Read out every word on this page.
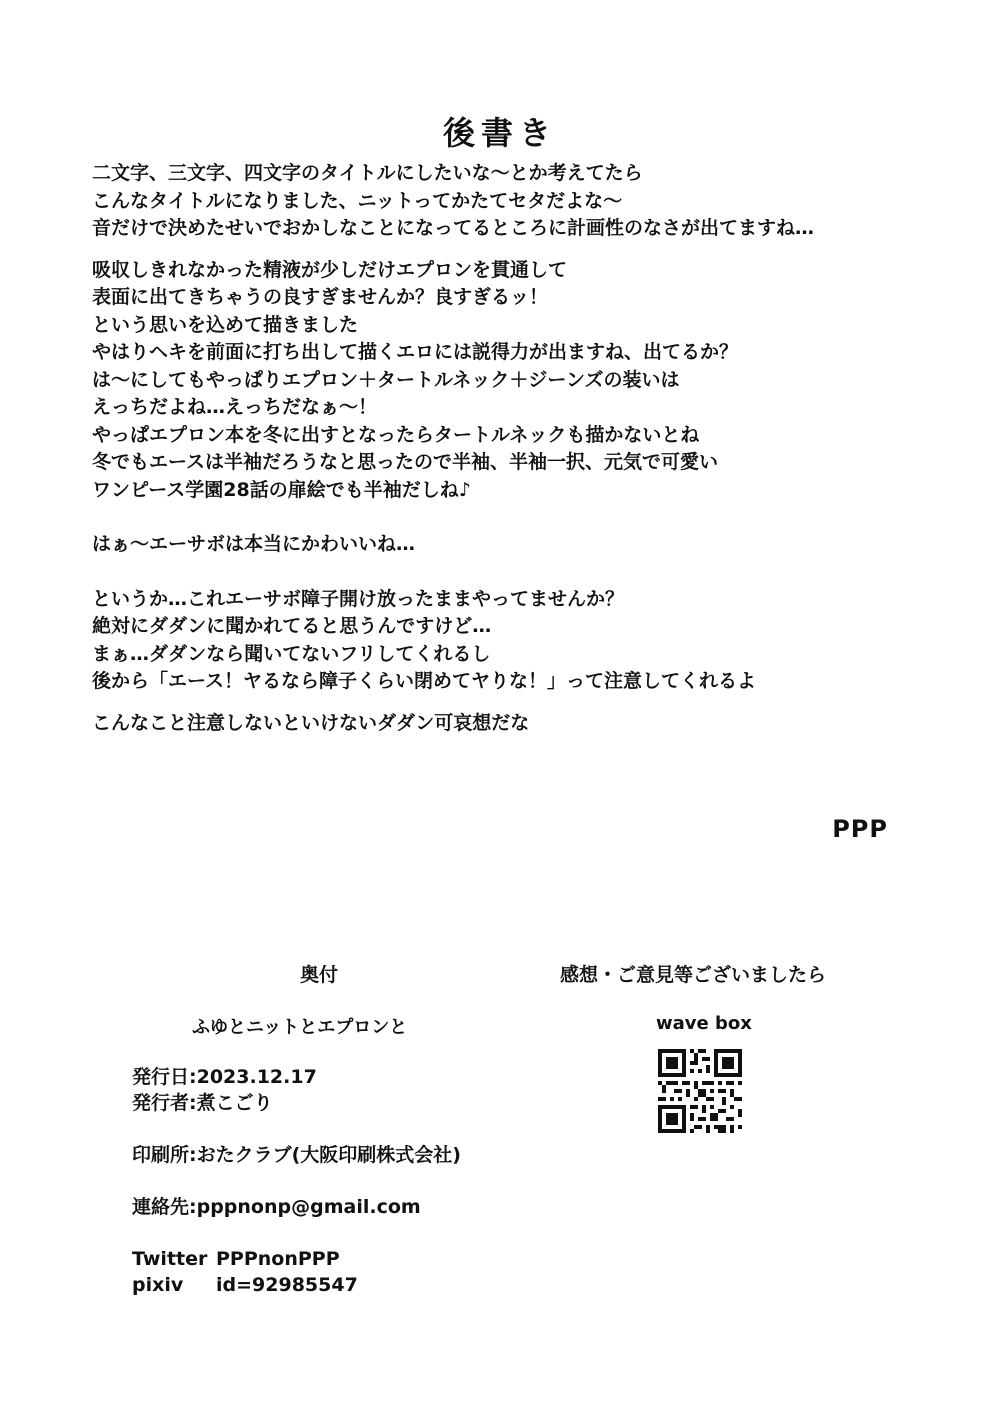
後書き
二文字、三文字、四文字のタイトルにしたいな〜とか考えてたら
こんなタイトルになりました、ニットってかたてセタだよな〜
音だけで決めたせいでおかしなことになってるところに計画性のなさが出てますね…
吸収しきれなかった精液が少しだけエプロンを貫通して
表面に出てきちゃうの良すぎませんか？良すぎるッ！
という思いを込めて描きました
やはりヘキを前面に打ち出して描くエロには説得力が出ますね、出てるか？
は〜にしてもやっぱりエプロン＋タートルネック＋ジーンズの装いは
えっちだよね…えっちだなぁ〜！
やっぱエプロン本を冬に出すとなったらタートルネックも描かないとね
冬でもエースは半袖だろうなと思ったので半袖、半袖一択、元気で可愛い
ワンピース学園28話の扉絵でも半袖だしね♪
はぁ〜エーサボは本当にかわいいね…
というか…これエーサボ障子開け放ったままやってませんか？
絶対にダダンに聞かれてると思うんですけど…
まぁ…ダダンなら聞いてないフリしてくれるし
後から「エース！ヤるなら障子くらい閉めてヤりな！」って注意してくれるよ
こんなこと注意しないといけないダダン可哀想だな
PPP
奥付
ふゆとニットとエプロンと
発行日:2023.12.17
発行者:煮こごり
印刷所:おたクラブ(大阪印刷株式会社)
連絡先:pppnonp@gmail.com
Twitter PPPnonPPP
pixiv id=92985547
感想・ご意見等ございましたら
wave box
